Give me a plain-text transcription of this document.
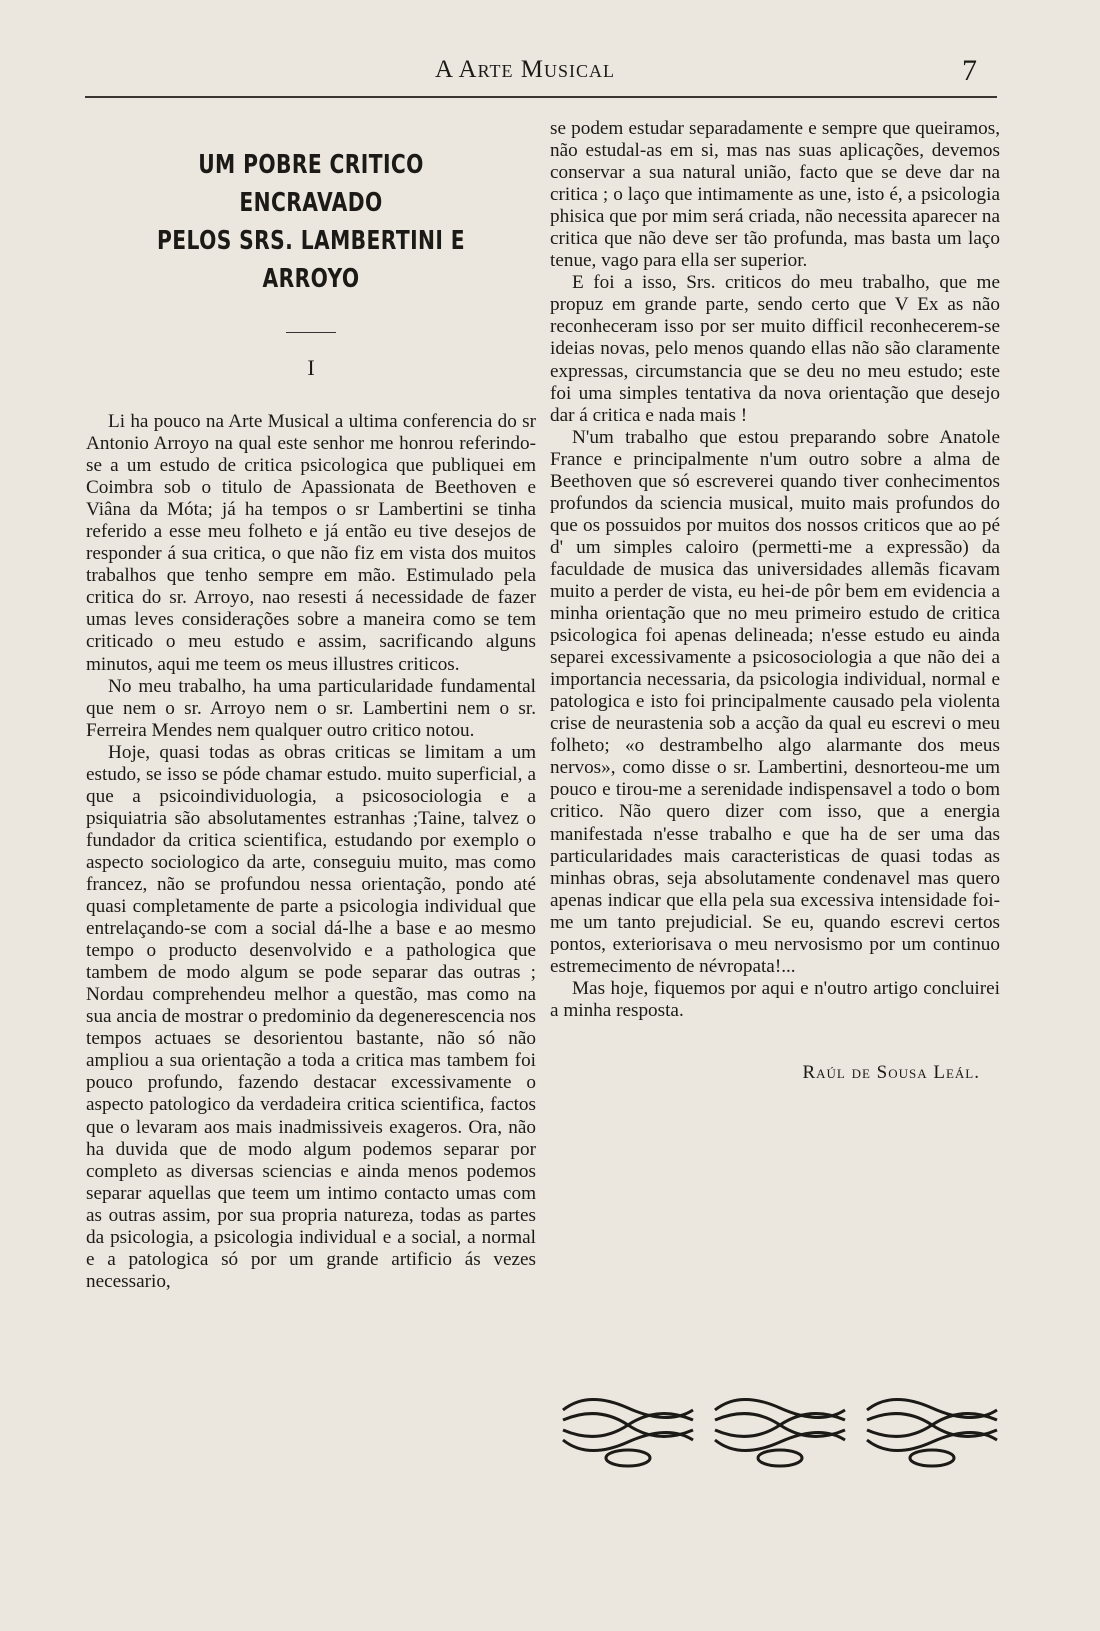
A Arte Musical	7
UM POBRE CRITICO ENCRAVADO
PELOS SRS. LAMBERTINI E ARROYO
I

Li ha pouco na Arte Musical a ultima conferencia do sr Antonio Arroyo na qual este senhor me honrou referindo-se a um estudo de critica psicologica que publiquei em Coimbra sob o titulo de Apassionata de Beethoven e Viâna da Móta; já ha tempos o sr Lambertini se tinha referido a esse meu folheto e já então eu tive desejos de responder á sua critica, o que não fiz em vista dos muitos trabalhos que tenho sempre em mão. Estimulado pela critica do sr. Arroyo, nao resesti á necessidade de fazer umas leves considerações sobre a maneira como se tem criticado o meu estudo e assim, sacrificando alguns minutos, aqui me teem os meus illustres criticos.

No meu trabalho, ha uma particularidade fundamental que nem o sr. Arroyo nem o sr. Lambertini nem o sr. Ferreira Mendes nem qualquer outro critico notou.

Hoje, quasi todas as obras criticas se limitam a um estudo, se isso se póde chamar estudo. muito superficial, a que a psicoindividuologia, a psicosociologia e a psiquiatria são absolutamentes estranhas ;Taine, talvez o fundador da critica scientifica, estudando por exemplo o aspecto sociologico da arte, conseguiu muito, mas como francez, não se profundou nessa orientação, pondo até quasi completamente de parte a psicologia individual que entrelaçando-se com a social dá-lhe a base e ao mesmo tempo o producto desenvolvido e a pathologica que tambem de modo algum se pode separar das outras ; Nordau comprehendeu melhor a questão, mas como na sua ancia de mostrar o predominio da degenerescencia nos tempos actuaes se desorientou bastante, não só não ampliou a sua orientação a toda a critica mas tambem foi pouco profundo, fazendo destacar excessivamente o aspecto patologico da verdadeira critica scientifica, factos que o levaram aos mais inadmissiveis exageros. Ora, não ha duvida que de modo algum podemos separar por completo as diversas sciencias e ainda menos podemos separar aquellas que teem um intimo contacto umas com as outras assim, por sua propria natureza, todas as partes da psicologia, a psicologia individual e a social, a normal e a patologica só por um grande artificio ás vezes necessario,

se podem estudar separadamente e sempre que queiramos, não estudal-as em si, mas nas suas aplicações, devemos conservar a sua natural união, facto que se deve dar na critica ; o laço que intimamente as une, isto é, a psicologia phisica que por mim será criada, não necessita aparecer na critica que não deve ser tão profunda, mas basta um laço tenue, vago para ella ser superior.

E foi a isso, Srs. criticos do meu trabalho, que me propuz em grande parte, sendo certo que V Ex as não reconheceram isso por ser muito difficil reconhecerem-se ideias novas, pelo menos quando ellas não são claramente expressas, circumstancia que se deu no meu estudo; este foi uma simples tentativa da nova orientação que desejo dar á critica e nada mais !

N'um trabalho que estou preparando sobre Anatole France e principalmente n'um outro sobre a alma de Beethoven que só escreverei quando tiver conhecimentos profundos da sciencia musical, muito mais profundos do que os possuidos por muitos dos nossos criticos que ao pé d' um simples caloiro (permetti-me a expressão) da faculdade de musica das universidades allemãs ficavam muito a perder de vista, eu hei-de pôr bem em evidencia a minha orientação que no meu primeiro estudo de critica psicologica foi apenas delineada; n'esse estudo eu ainda separei excessivamente a psicosociologia a que não dei a importancia necessaria, da psicologia individual, normal e patologica e isto foi principalmente causado pela violenta crise de neurastenia sob a acção da qual eu escrevi o meu folheto; «o destrambelho algo alarmante dos meus nervos», como disse o sr. Lambertini, desnorteou-me um pouco e tirou-me a serenidade indispensavel a todo o bom critico. Não quero dizer com isso, que a energia manifestada n'esse trabalho e que ha de ser uma das particularidades mais caracteristicas de quasi todas as minhas obras, seja absolutamente condenavel mas quero apenas indicar que ella pela sua excessiva intensidade foi-me um tanto prejudicial. Se eu, quando escrevi certos pontos, exteriorisava o meu nervosismo por um continuo estremecimento de névropata!...

Mas hoje, fiquemos por aqui e n'outro artigo concluirei a minha resposta.

Raúl de Sousa Leál.
